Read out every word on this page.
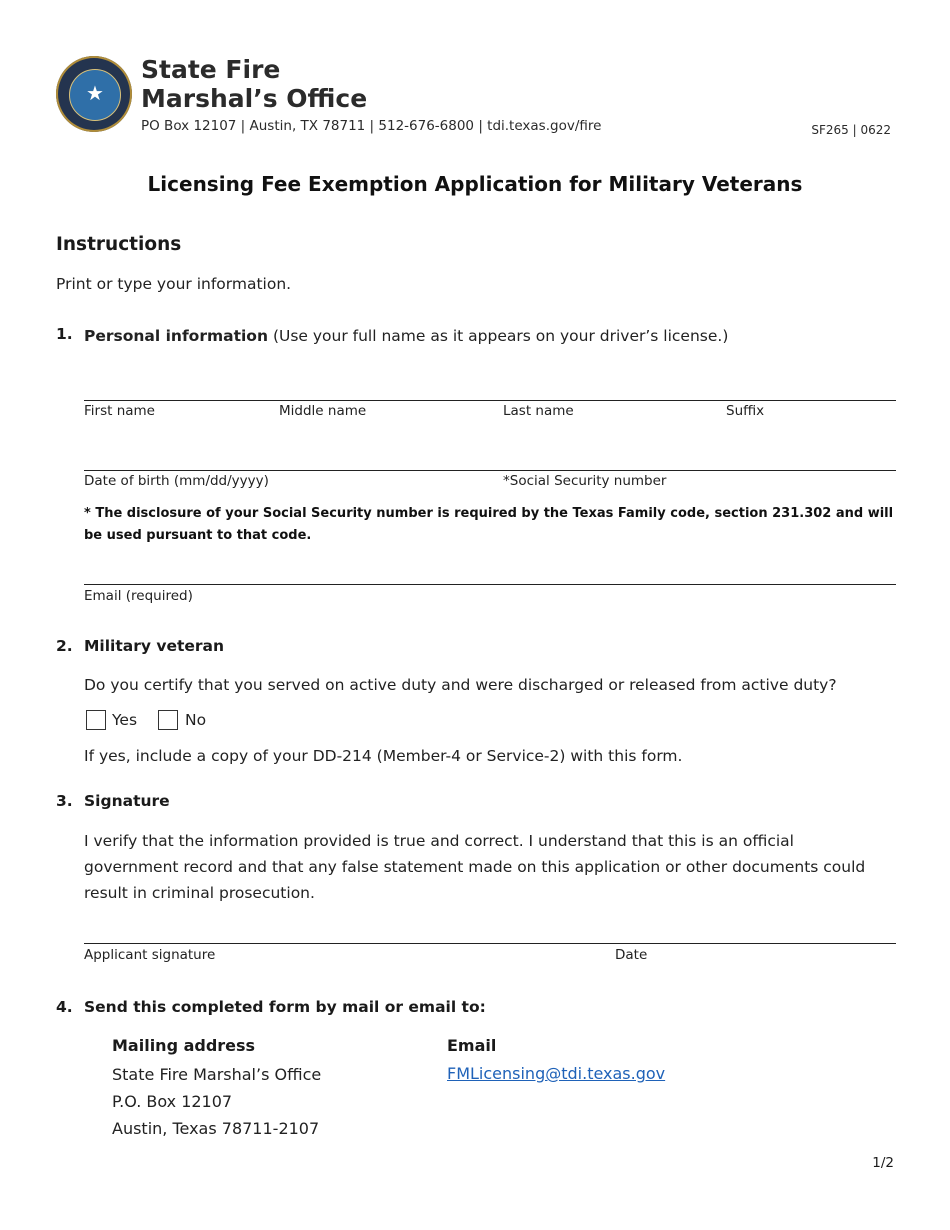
★
State Fire
Marshal’s Office
PO Box 12107 | Austin, TX 78711 | 512-676-6800 | tdi.texas.gov/fire	SF265 | 0622
Licensing Fee Exemption Application for Military Veterans
Instructions
Print or type your information.
1. Personal information (Use your full name as it appears on your driver’s license.)
First name	Middle name	Last name	Suffix
Date of birth (mm/dd/yyyy)	*Social Security number
* The disclosure of your Social Security number is required by the Texas Family code, section 231.302 and will be used pursuant to that code.
Email (required)
2. Military veteran
Do you certify that you served on active duty and were discharged or released from active duty?
Yes	No
If yes, include a copy of your DD-214 (Member-4 or Service-2) with this form.
3. Signature
I verify that the information provided is true and correct. I understand that this is an official government record and that any false statement made on this application or other documents could result in criminal prosecution.
Applicant signature	Date
4. Send this completed form by mail or email to:
Mailing address
State Fire Marshal’s Office
P.O. Box 12107
Austin, Texas 78711-2107
Email
FMLicensing@tdi.texas.gov
1/2
